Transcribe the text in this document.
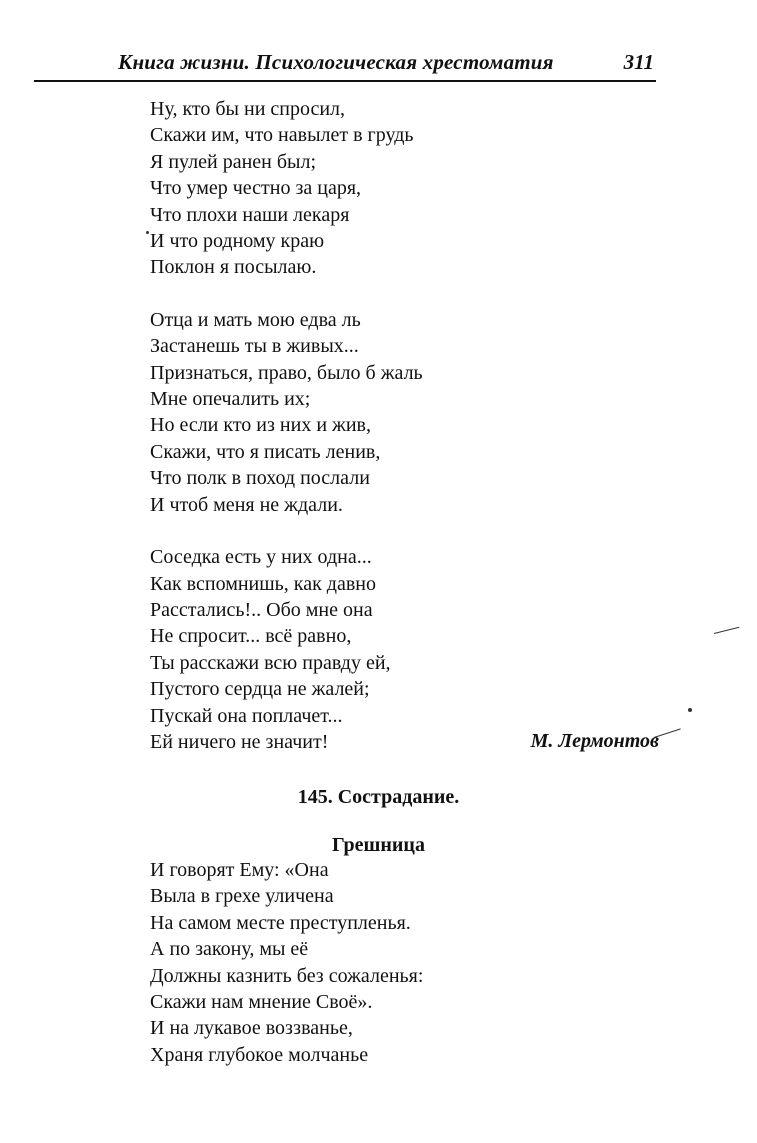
Книга жизни. Психологическая хрестоматия	311
Ну, кто бы ни спросил,
Скажи им, что навылет в грудь
Я пулей ранен был;
Что умер честно за царя,
Что плохи наши лекаря
И что родному краю
Поклон я посылаю.
Отца и мать мою едва ль
Застанешь ты в живых...
Признаться, право, было б жаль
Мне опечалить их;
Но если кто из них и жив,
Скажи, что я писать ленив,
Что полк в поход послали
И чтоб меня не ждали.
Соседка есть у них одна...
Как вспомнишь, как давно
Расстались!.. Обо мне она
Не спросит... всё равно,
Ты расскажи всю правду ей,
Пустого сердца не жалей;
Пускай она поплачет...
Ей ничего не значит!	М. Лермонтов
145. Сострадание.
Грешница
И говорят Ему: «Она
Выла в грехе уличена
На самом месте преступленья.
А по закону, мы её
Должны казнить без сожаленья:
Скажи нам мнение Своё».
И на лукавое воззванье,
Храня глубокое молчанье
